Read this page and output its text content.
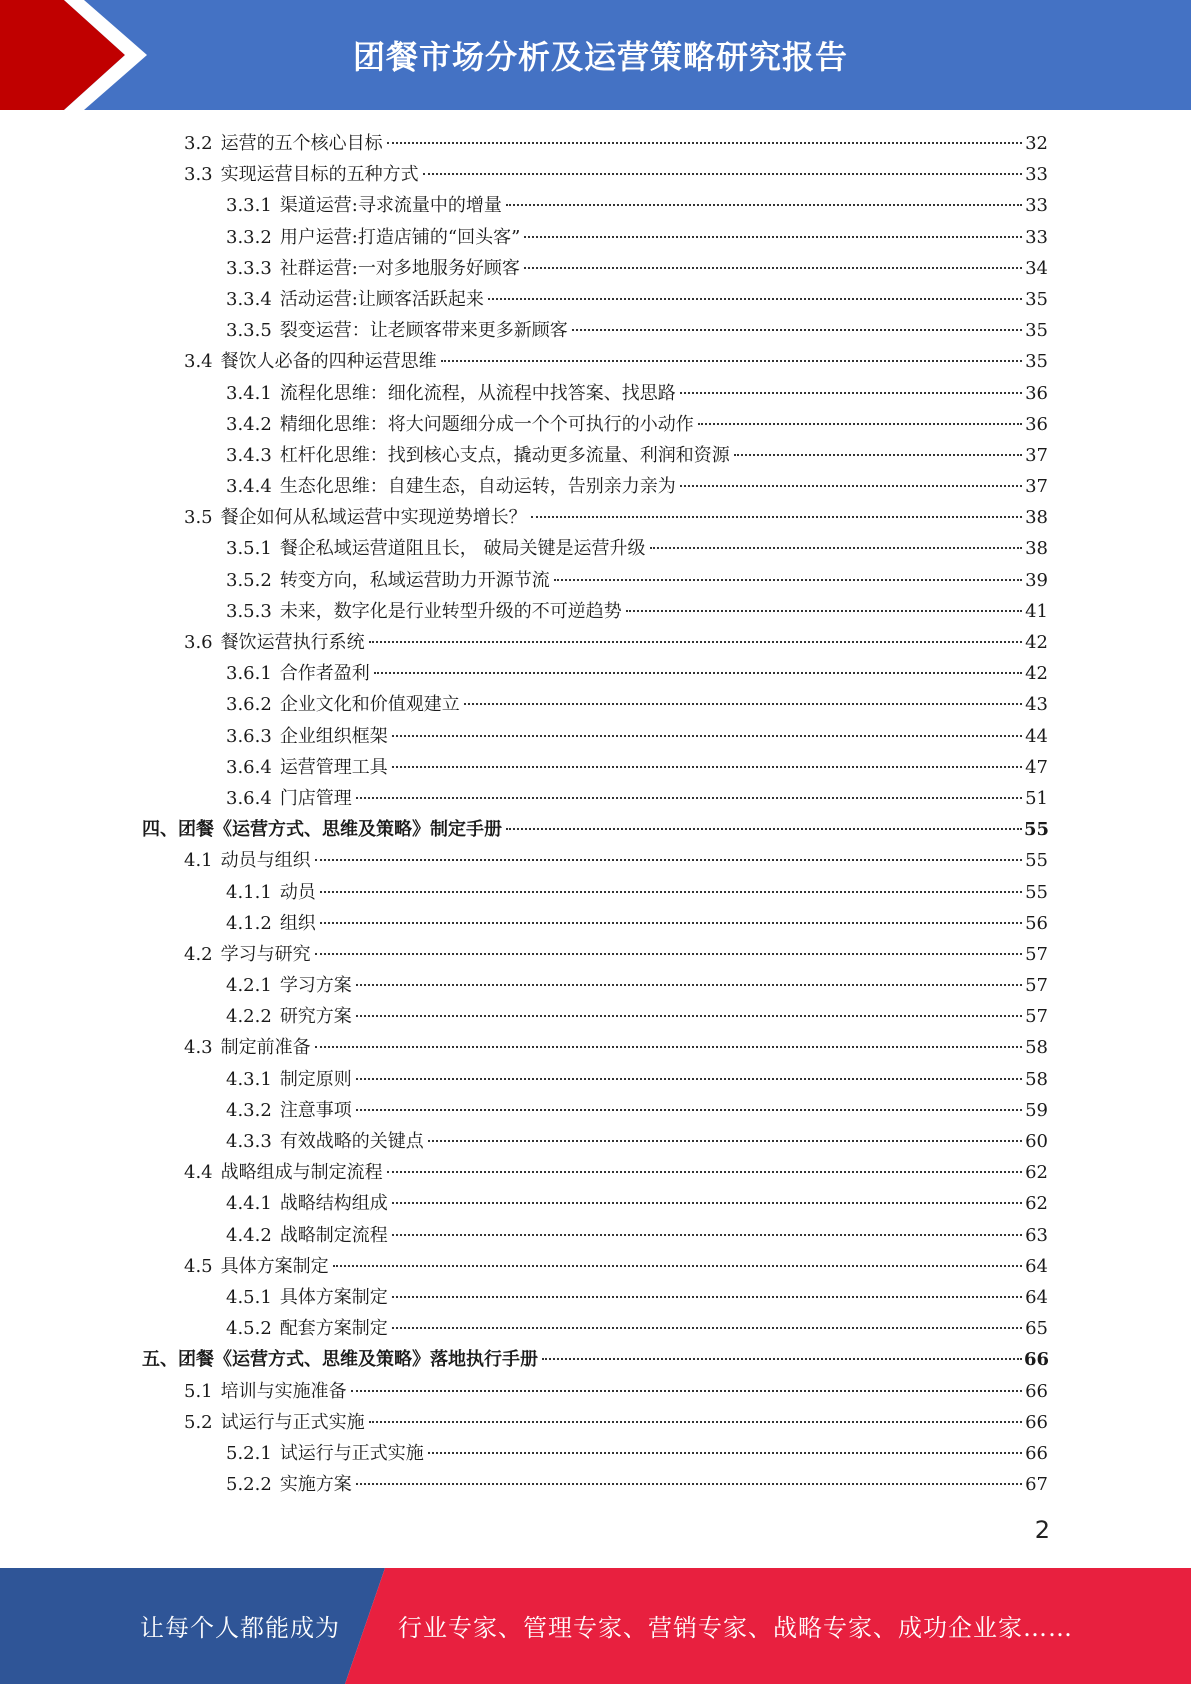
团餐市场分析及运营策略研究报告
3.2 运营的五个核心目标	32
3.3 实现运营目标的五种方式	33
3.3.1 渠道运营:寻求流量中的增量	33
3.3.2 用户运营:打造店铺的“回头客”	33
3.3.3 社群运营:一对多地服务好顾客	34
3.3.4 活动运营:让顾客活跃起来	35
3.3.5 裂变运营：让老顾客带来更多新顾客	35
3.4 餐饮人必备的四种运营思维	35
3.4.1 流程化思维：细化流程，从流程中找答案、找思路	36
3.4.2 精细化思维：将大问题细分成一个个可执行的小动作	36
3.4.3 杠杆化思维：找到核心支点，撬动更多流量、利润和资源	37
3.4.4 生态化思维：自建生态，自动运转，告别亲力亲为	37
3.5 餐企如何从私域运营中实现逆势增长？	38
3.5.1 餐企私域运营道阻且长， 破局关键是运营升级	38
3.5.2 转变方向，私域运营助力开源节流	39
3.5.3 未来，数字化是行业转型升级的不可逆趋势	41
3.6 餐饮运营执行系统	42
3.6.1 合作者盈利	42
3.6.2 企业文化和价值观建立	43
3.6.3 企业组织框架	44
3.6.4 运营管理工具	47
3.6.4 门店管理	51
四、团餐《运营方式、思维及策略》制定手册	55
4.1 动员与组织	55
4.1.1 动员	55
4.1.2 组织	56
4.2 学习与研究	57
4.2.1 学习方案	57
4.2.2 研究方案	57
4.3 制定前准备	58
4.3.1 制定原则	58
4.3.2 注意事项	59
4.3.3 有效战略的关键点	60
4.4 战略组成与制定流程	62
4.4.1 战略结构组成	62
4.4.2 战略制定流程	63
4.5 具体方案制定	64
4.5.1 具体方案制定	64
4.5.2 配套方案制定	65
五、团餐《运营方式、思维及策略》落地执行手册	66
5.1 培训与实施准备	66
5.2 试运行与正式实施	66
5.2.1 试运行与正式实施	66
5.2.2 实施方案	67
2
让每个人都能成为 行业专家、管理专家、营销专家、战略专家、成功企业家……
